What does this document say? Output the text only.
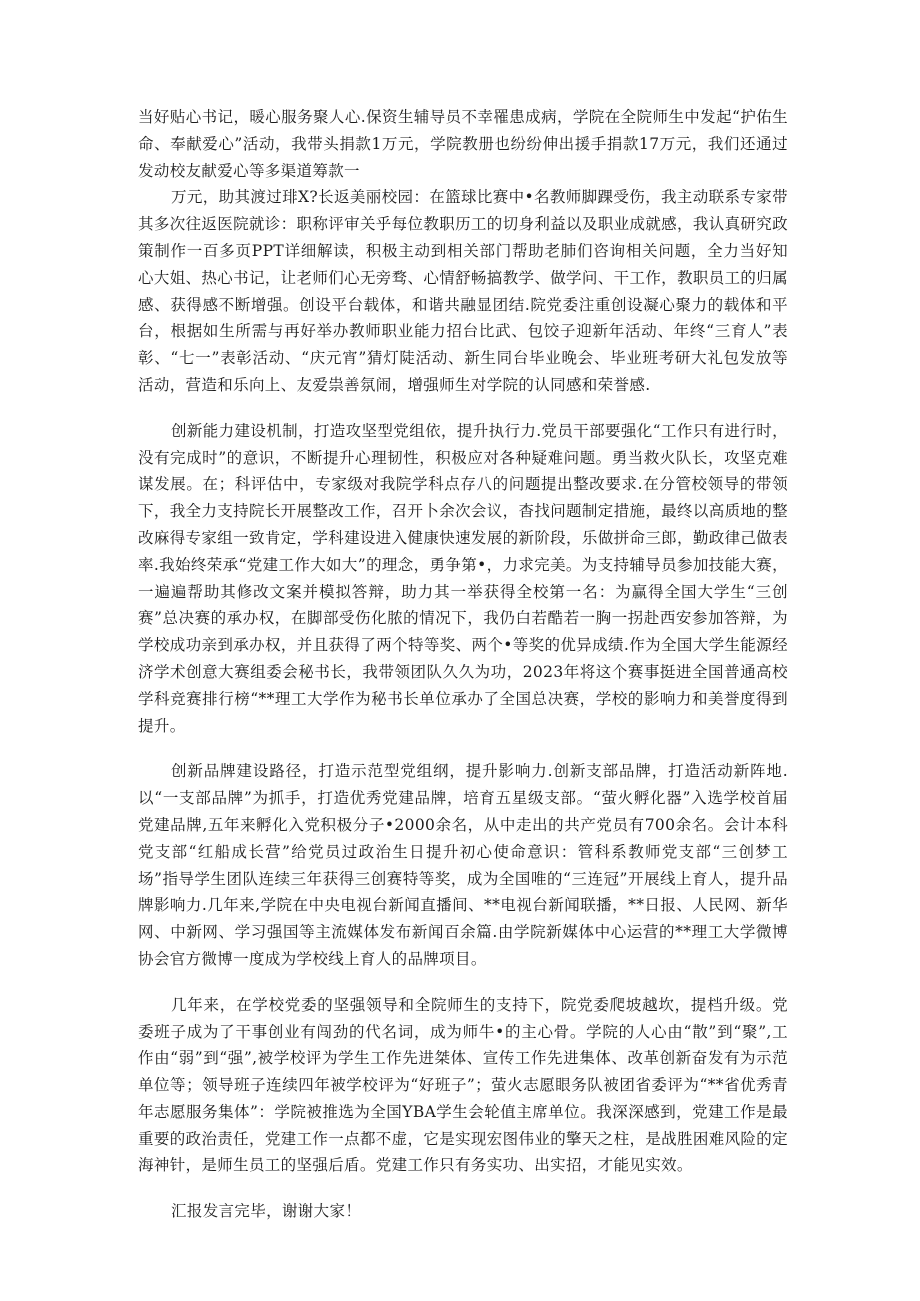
当好贴心书记，暖心服务聚人心.保资生辅导员不幸罹患成病，学院在全院师生中发起“护佑生命、奉献爱心”活动，我带头捐款1万元，学院教册也纷纷伸出援手捐款17万元，我们还通过发动校友献爱心等多渠道筹款一

万元，助其渡过琲X?长返美丽校园：在篮球比赛中•名教师脚踝受伤，我主动联系专家带其多次往返医院就诊：职称评审关乎每位教职历工的切身利益以及职业成就感，我认真研究政策制作一百多页PPT详细解读，积极主动到相关部门帮助老肺们咨询相关问题，全力当好知心大姐、热心书记，让老师们心无旁骛、心情舒畅搞教学、做学问、干工作，教职员工的归属感、获得感不断增强。创设平台载体，和谐共融显团结.院党委注重创设凝心聚力的载体和平台，根据如生所需与再好举办教师职业能力招台比武、包饺子迎新年活动、年终“三育人”表彰、“七一”表彰活动、“庆元宵”猜灯陡活动、新生同台毕业晚会、毕业班考研大礼包发放等活动，营造和乐向上、友爱祟善氛闹，增强师生对学院的认同感和荣誉感.

创新能力建设机制，打造攻坚型党组依，提升执行力.党员干部要强化“工作只有进行时，没有完成时”的意识，不断提升心理韧性，积极应对各种疑难问题。勇当救火队长，攻坚克难谋发展。在；科评估中，专家级对我院学科点存八的问题提出整改要求.在分管校领导的带领下，我全力支持院长开展整改工作，召开卜余次会议，杳找问题制定措施，最终以高质地的整改麻得专家组一致肯定，学科建设进入健康快速发展的新阶段，乐做拼命三郎，勤政律己做表率.我始终荣承“党建工作大如大”的理念，勇争第•，力求完美。为支持辅导员参加技能大赛，一遍遍帮助其修改文案并模拟答辩，助力其一举获得全校第一名：为赢得全国大学生“三创赛”总决赛的承办权，在脚部受伤化脓的情况下，我仍白若酷若一胸一拐赴西安参加答辩，为学校成功亲到承办权，并且获得了两个特等奖、两个•等奖的优异成绩.作为全国大学生能源经济学术创意大赛组委会秘书长，我带领团队久久为功，2023年将这个赛事挺进全国普通高校学科竞赛排行榜“**理工大学作为秘书长单位承办了全国总决赛，学校的影响力和美誉度得到提升。

创新品牌建设路径，打造示范型党组纲，提升影响力.创新支部品牌，打造活动新阵地.以“一支部品牌”为抓手，打造优秀党建品牌，培育五星级支部。“萤火孵化器”入选学校首届党建品牌,五年来孵化入党积极分子•2000余名，从中走出的共产党员有700余名。会计本科党支部“红船成长营”给党员过政治生日提升初心使命意识：管科系教师党支部“三创梦工场”指导学生团队连续三年获得三创赛特等奖，成为全国唯的“三连冠”开展线上育人，提升品牌影响力.几年来,学院在中央电视台新闻直播间、**电视台新闻联播，**日报、人民网、新华网、中新网、学习强国等主流媒体发布新闻百余篇.由学院新媒体中心运营的**理工大学微博协会官方微博一度成为学校线上育人的品牌项目。

几年来，在学校党委的坚强领导和全院师生的支持下，院党委爬坡越坎，提档升级。党委班子成为了干事创业有闯劲的代名词，成为师牛•的主心骨。学院的人心由“散”到“聚”,工作由“弱”到“强”,被学校评为学生工作先进桀体、宣传工作先进集体、改革创新奋发有为示范单位等；领导班子连续四年被学校评为“好班子”；萤火志愿眼务队被团省委评为“**省优秀青年志愿服务集体”：学院被推选为全国YBA学生会轮值主席单位。我深深感到，党建工作是最重要的政治责任，党建工作一点都不虚，它是实现宏图伟业的擎天之柱，是战胜困难风险的定海神针，是师生员工的坚强后盾。党建工作只有务实功、出实招，才能见实效。

汇报发言完毕，谢谢大家！
